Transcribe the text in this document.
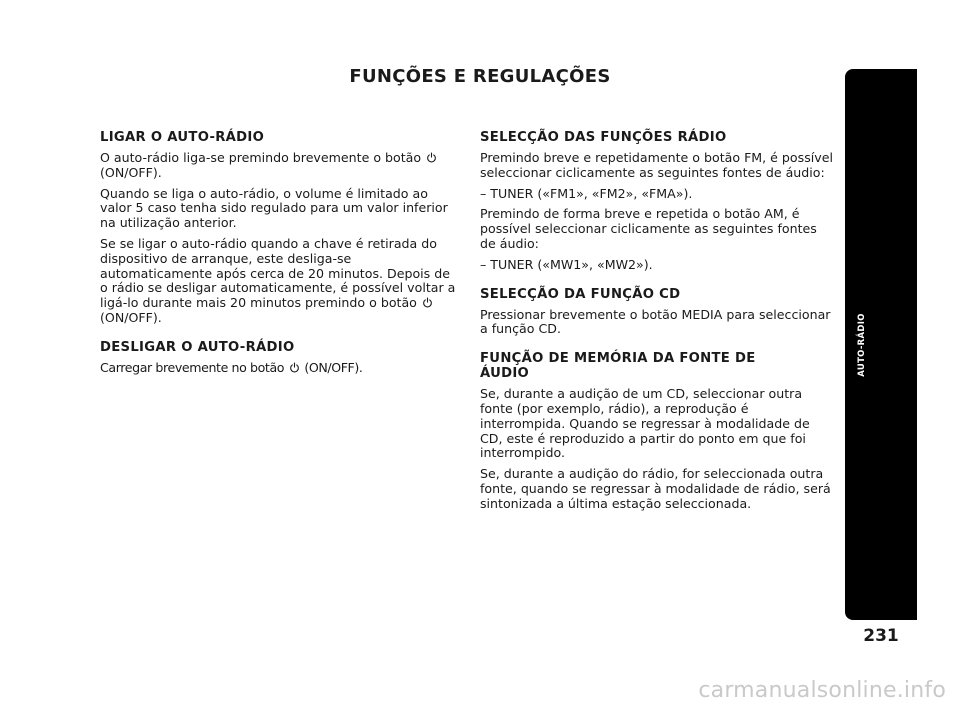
FUNÇÕES E REGULAÇÕES
LIGAR O AUTO-RÁDIO

O auto-rádio liga-se premindo brevemente o botão  (ON/OFF).

Quando se liga o auto-rádio, o volume é limitado ao valor 5 caso tenha sido regulado para um valor inferior na utilização anterior.

Se se ligar o auto-rádio quando a chave é retirada do dispositivo de arranque, este desliga-se automaticamente após cerca de 20 minutos. Depois de o rádio se desligar automaticamente, é possível voltar a ligá-lo durante mais 20 minutos premindo o botão  (ON/OFF).

DESLIGAR O AUTO-RÁDIO

Carregar brevemente no botão (ON/OFF).

SELECÇÃO DAS FUNÇÕES RÁDIO

Premindo breve e repetidamente o botão FM, é possível seleccionar ciclicamente as seguintes fontes de áudio:

– TUNER («FM1», «FM2», «FMA»).

Premindo de forma breve e repetida o botão AM, é possível seleccionar ciclicamente as seguintes fontes de áudio:

– TUNER («MW1», «MW2»).

SELECÇÃO DA FUNÇÃO CD

Pressionar brevemente o botão MEDIA para seleccionar a função CD.

FUNÇÃO DE MEMÓRIA DA FONTE DE ÁUDIO

Se, durante a audição de um CD, seleccionar outra fonte (por exemplo, rádio), a reprodução é interrompida. Quando se regressar à modalidade de CD, este é reproduzido a partir do ponto em que foi interrompido.

Se, durante a audição do rádio, for seleccionada outra fonte, quando se regressar à modalidade de rádio, será sintonizada a última estação seleccionada.

AUTO-RÁDIO
231
carmanualsonline.info
